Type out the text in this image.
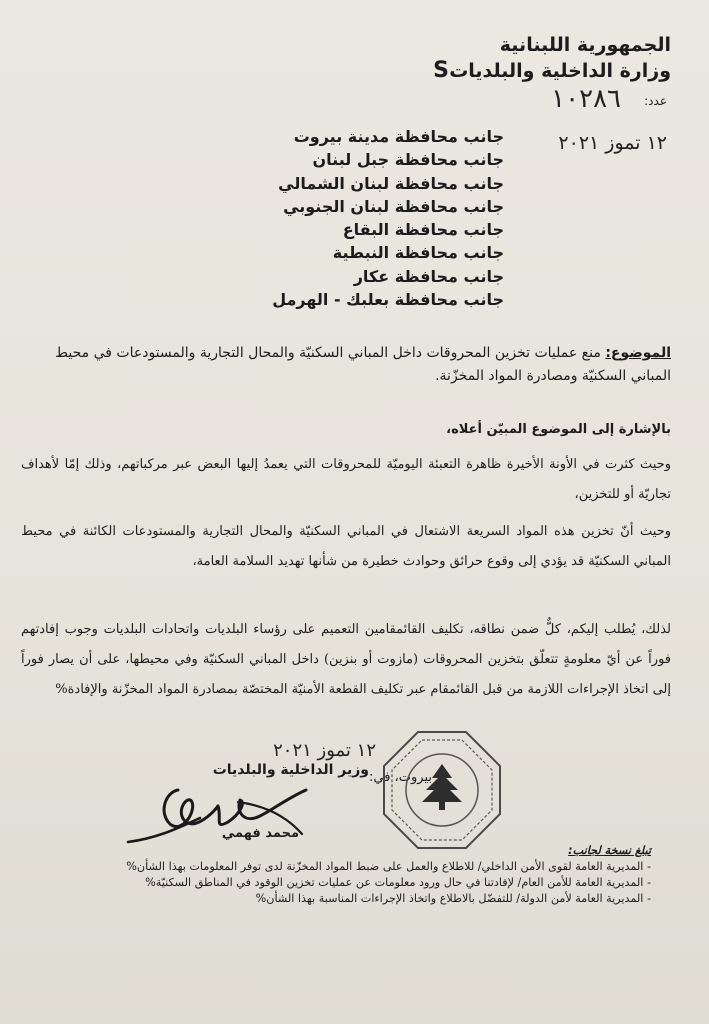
الجمهورية اللبنانية
وزارة الداخلية والبلدياتS
عدد:
١٠٢٨٦
١٢ تموز ٢٠٢١
جانب محافظة مدينة بيروت
جانب محافظة جبل لبنان
جانب محافظة لبنان الشمالي
جانب محافظة لبنان الجنوبي
جانب محافظة البقاع
جانب محافظة النبطية
جانب محافظة عكار
جانب محافظة بعلبك - الهرمل
الموضوع: منع عمليات تخزين المحروقات داخل المباني السكنيّة والمحال التجارية والمستودعات في محيط المباني السكنيّة ومصادرة المواد المخزّنة.
بالإشارة إلى الموضوع المبيّن أعلاه،
وحيث كثرت في الأونة الأخيرة ظاهرة التعبئة اليوميّة للمحروقات التي يعمدُ إليها البعض عبر مركباتهم، وذلك إمّا لأهداف تجاريّة أو للتخزين،
وحيث أنّ تخزين هذه المواد السريعة الاشتعال في المباني السكنيّة والمحال التجارية والمستودعات الكائنة في محيط المباني السكنيّة قد يؤدي إلى وقوع حرائق وحوادث خطيرة من شأنها تهديد السلامة العامة،
لذلك، يُطلب إليكم، كلٌّ ضمن نطاقه، تكليف القائمقامين التعميم على رؤساء البلديات واتحادات البلديات وجوب إفادتهم فوراً عن أيّ معلومةٍ تتعلّق بتخزين المحروقات (مازوت أو بنزين) داخل المباني السكنيّة وفي محيطها، على أن يصار فوراً إلى اتخاذ الإجراءات اللازمة من قبل القائمقام عبر تكليف القطعة الأمنيّة المختصّة بمصادرة المواد المخزّنة والإفادة%
١٢ تموز ٢٠٢١
بيروت، في:
وزير الداخلية والبلديات
محمد فهمي
تبلغ نسخة لجانب:
- المديرية العامة لقوى الأمن الداخلي/ للاطلاع والعمل على ضبط المواد المخزّنة لدى توفر المعلومات بهذا الشأن%
- المديرية العامة للأمن العام/ لإفادتنا في حال ورود معلومات عن عمليات تخزين الوقود في المناطق السكنيّة%
- المديرية العامة لأمن الدولة/ للتفضّل بالاطلاع واتخاذ الإجراءات المناسبة بهذا الشأن%
